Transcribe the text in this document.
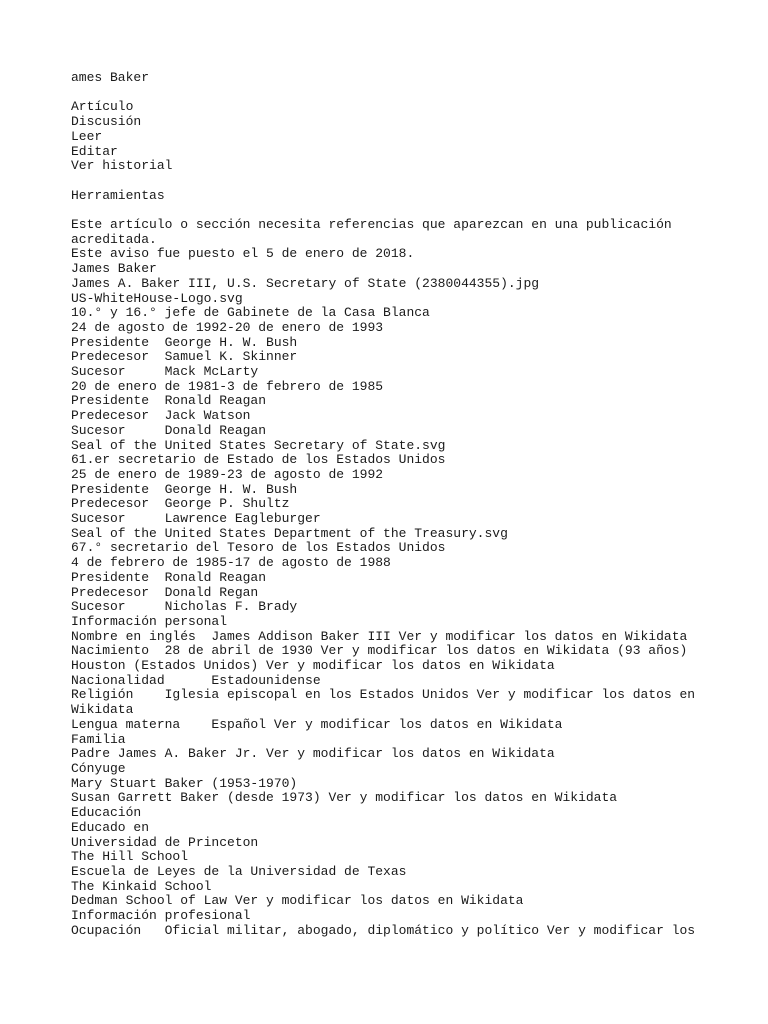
ames Baker
Artículo
Discusión
Leer
Editar
Ver historial
Herramientas
Este artículo o sección necesita referencias que aparezcan en una publicación acreditada.
Este aviso fue puesto el 5 de enero de 2018.
James Baker
James A. Baker III, U.S. Secretary of State (2380044355).jpg
US-WhiteHouse-Logo.svg
10.° y 16.° jefe de Gabinete de la Casa Blanca
24 de agosto de 1992-20 de enero de 1993
Presidente  George H. W. Bush
Predecesor  Samuel K. Skinner
Sucesor     Mack McLarty
20 de enero de 1981-3 de febrero de 1985
Presidente  Ronald Reagan
Predecesor  Jack Watson
Sucesor     Donald Reagan
Seal of the United States Secretary of State.svg
61.er secretario de Estado de los Estados Unidos
25 de enero de 1989-23 de agosto de 1992
Presidente  George H. W. Bush
Predecesor  George P. Shultz
Sucesor     Lawrence Eagleburger
Seal of the United States Department of the Treasury.svg
67.° secretario del Tesoro de los Estados Unidos
4 de febrero de 1985-17 de agosto de 1988
Presidente  Ronald Reagan
Predecesor  Donald Regan
Sucesor     Nicholas F. Brady
Información personal
Nombre en inglés  James Addison Baker III Ver y modificar los datos en Wikidata
Nacimiento  28 de abril de 1930 Ver y modificar los datos en Wikidata (93 años)
Houston (Estados Unidos) Ver y modificar los datos en Wikidata
Nacionalidad      Estadounidense
Religión    Iglesia episcopal en los Estados Unidos Ver y modificar los datos en Wikidata
Lengua materna    Español Ver y modificar los datos en Wikidata
Familia
Padre James A. Baker Jr. Ver y modificar los datos en Wikidata
Cónyuge
Mary Stuart Baker (1953-1970)
Susan Garrett Baker (desde 1973) Ver y modificar los datos en Wikidata
Educación
Educado en
Universidad de Princeton
The Hill School
Escuela de Leyes de la Universidad de Texas
The Kinkaid School
Dedman School of Law Ver y modificar los datos en Wikidata
Información profesional
Ocupación   Oficial militar, abogado, diplomático y político Ver y modificar los
